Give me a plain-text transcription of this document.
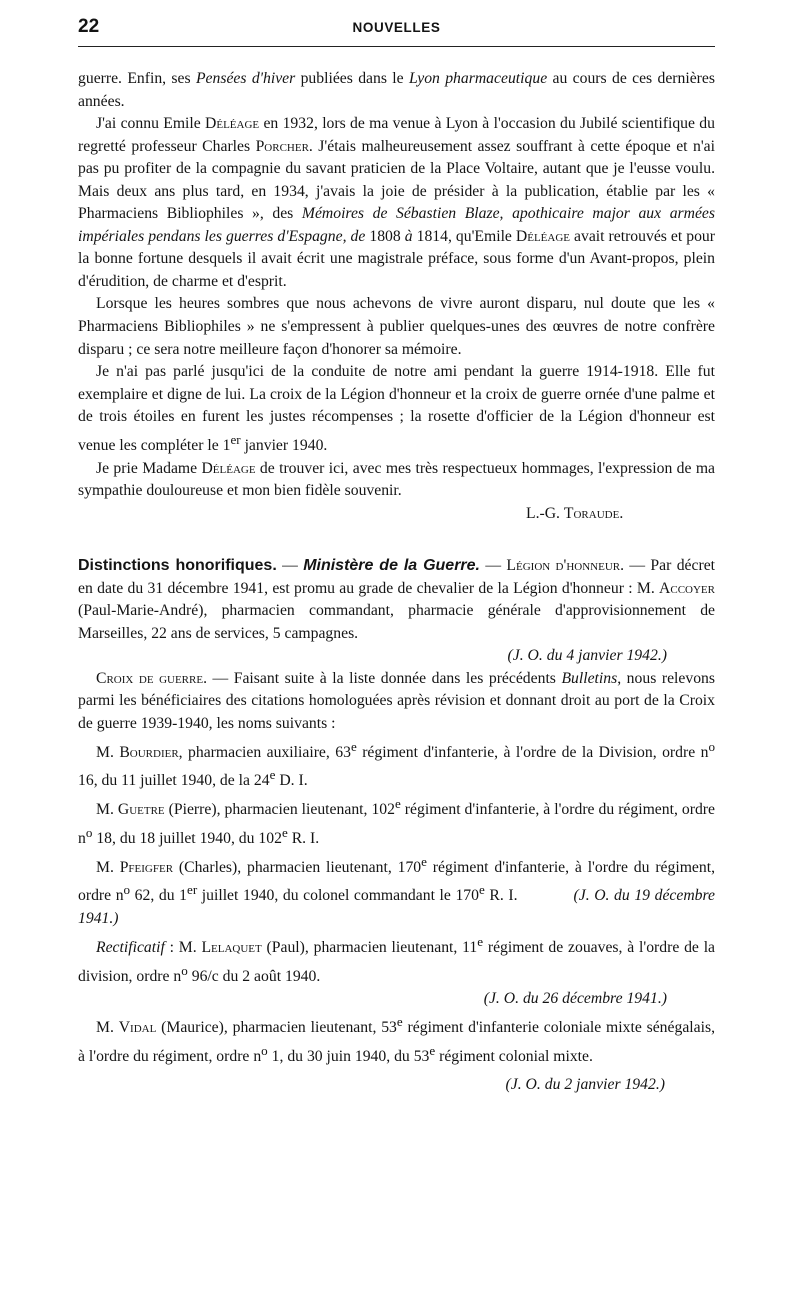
22	NOUVELLES

guerre. Enfin, ses Pensées d'hiver publiées dans le Lyon pharmaceutique au cours de ces dernières années.

J'ai connu Emile Déléage en 1932, lors de ma venue à Lyon à l'occasion du Jubilé scientifique du regretté professeur Charles Porcher. J'étais malheureusement assez souffrant à cette époque et n'ai pas pu profiter de la compagnie du savant praticien de la Place Voltaire, autant que je l'eusse voulu. Mais deux ans plus tard, en 1934, j'avais la joie de présider à la publication, établie par les « Pharmaciens Bibliophiles », des Mémoires de Sébastien Blaze, apothicaire major aux armées impériales pendans les guerres d'Espagne, de 1808 à 1814, qu'Emile Déléage avait retrouvés et pour la bonne fortune desquels il avait écrit une magistrale préface, sous forme d'un Avant-propos, plein d'érudition, de charme et d'esprit.

Lorsque les heures sombres que nous achevons de vivre auront disparu, nul doute que les « Pharmaciens Bibliophiles » ne s'empressent à publier quelques-unes des œuvres de notre confrère disparu ; ce sera notre meilleure façon d'honorer sa mémoire.

Je n'ai pas parlé jusqu'ici de la conduite de notre ami pendant la guerre 1914-1918. Elle fut exemplaire et digne de lui. La croix de la Légion d'honneur et la croix de guerre ornée d'une palme et de trois étoiles en furent les justes récompenses ; la rosette d'officier de la Légion d'honneur est venue les compléter le 1er janvier 1940.

Je prie Madame Déléage de trouver ici, avec mes très respectueux hommages, l'expression de ma sympathie douloureuse et mon bien fidèle souvenir.

L.-G. Toraude.

Distinctions honorifiques. — Ministère de la Guerre. — Légion d'honneur. — Par décret en date du 31 décembre 1941, est promu au grade de chevalier de la Légion d'honneur : M. Accoyer (Paul-Marie-André), pharmacien commandant, pharmacie générale d'approvisionnement de Marseilles, 22 ans de services, 5 campagnes.

(J. O. du 4 janvier 1942.)

Croix de guerre. — Faisant suite à la liste donnée dans les précédents Bulletins, nous relevons parmi les bénéficiaires des citations homologuées après révision et donnant droit au port de la Croix de guerre 1939-1940, les noms suivants :

M. Bourdier, pharmacien auxiliaire, 63e régiment d'infanterie, à l'ordre de la Division, ordre $n^o$ 16, du 11 juillet 1940, de la 24e D. I.

M. Guetre (Pierre), pharmacien lieutenant, 102e régiment d'infanterie, à l'ordre du régiment, ordre $n^o$ 18, du 18 juillet 1940, du 102e R. I.

M. Pfeigfer (Charles), pharmacien lieutenant, 170e régiment d'infanterie, à l'ordre du régiment, ordre $n^o$ 62, du 1er juillet 1940, du colonel commandant le 170e R. I.	(J. O. du 19 décembre 1941.)

Rectificatif : M. Lelaquet (Paul), pharmacien lieutenant, 11e régiment de zouaves, à l'ordre de la division, ordre $n^o$ 96/c du 2 août 1940.

(J. O. du 26 décembre 1941.)

M. Vidal (Maurice), pharmacien lieutenant, 53e régiment d'infanterie coloniale mixte sénégalais, à l'ordre du régiment, ordre $n^o$ 1, du 30 juin 1940, du 53e régiment colonial mixte.

(J. O. du 2 janvier 1942.)
